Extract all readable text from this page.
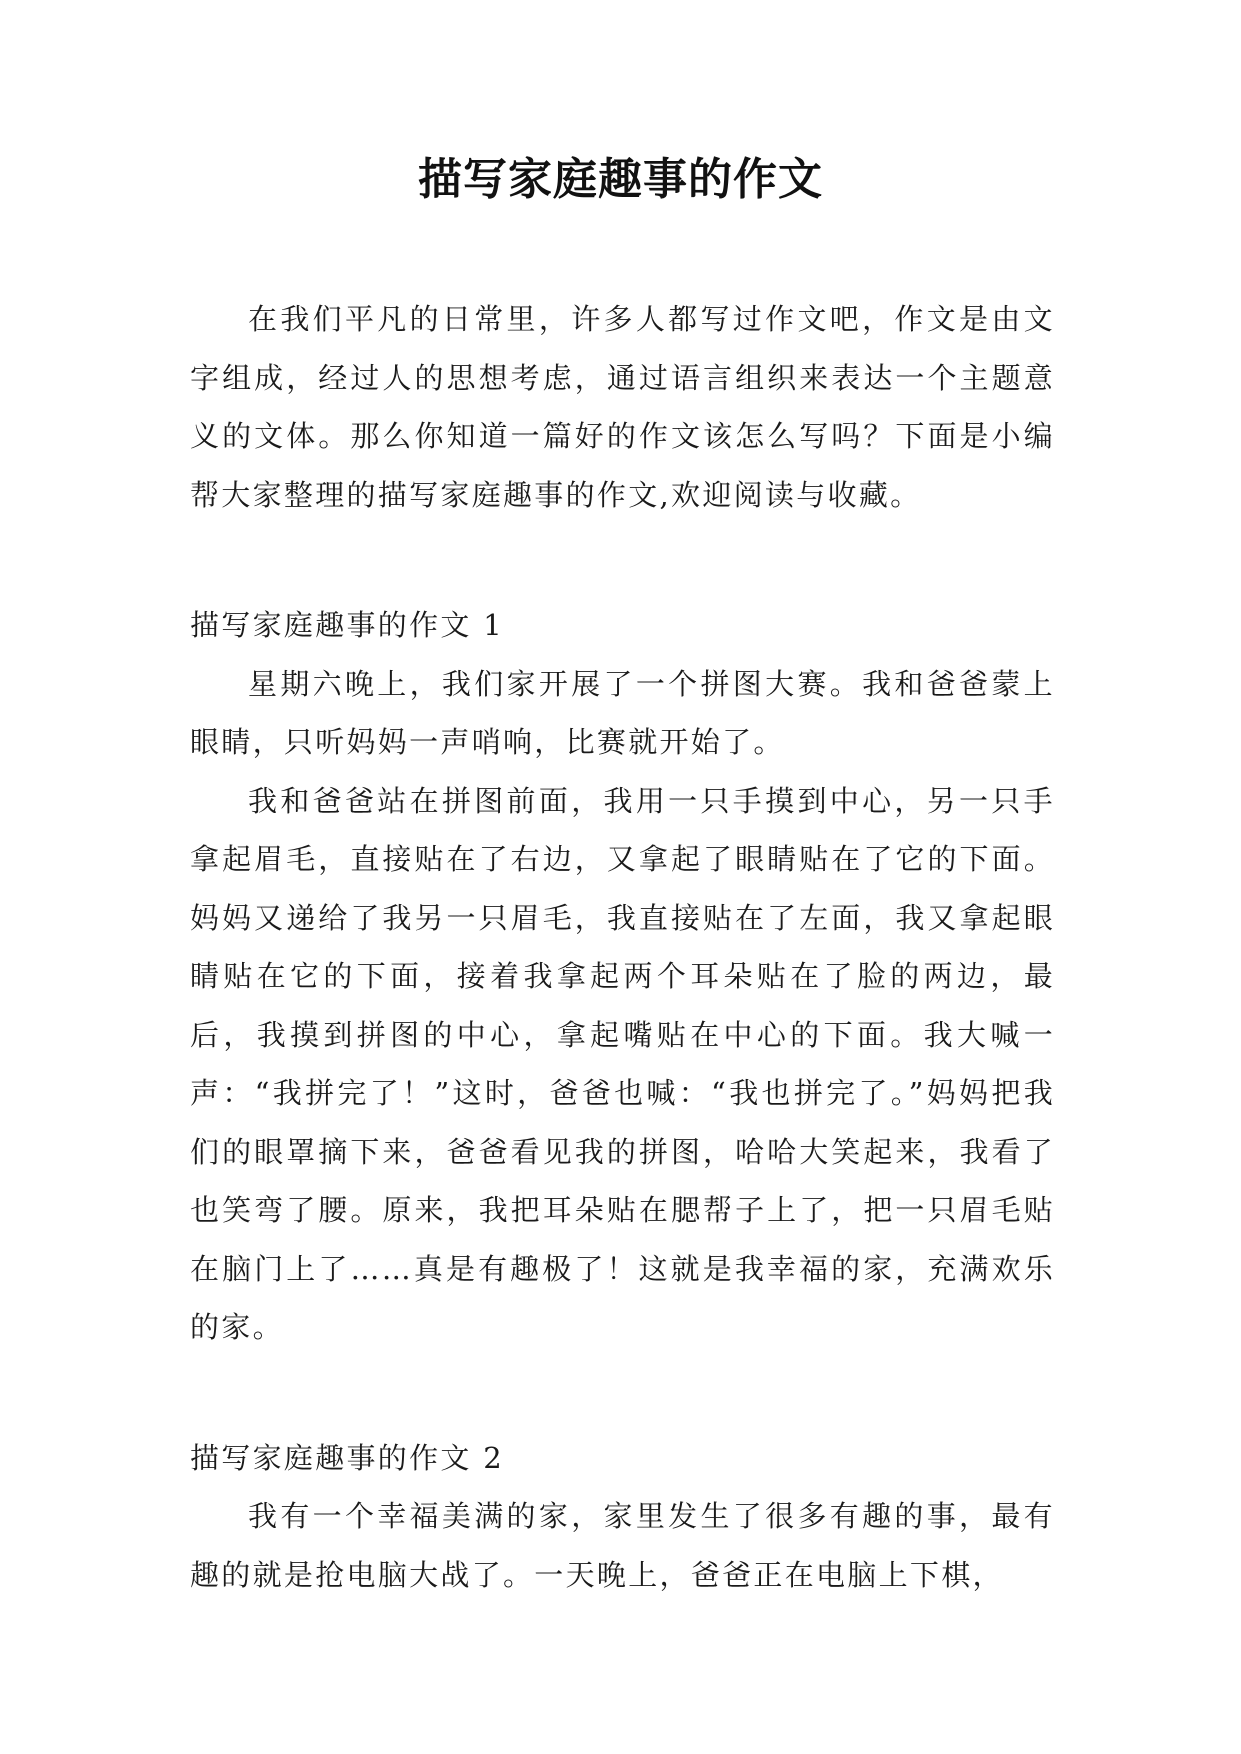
描写家庭趣事的作文

在我们平凡的日常里，许多人都写过作文吧，作文是由文字组成，经过人的思想考虑，通过语言组织来表达一个主题意义的文体。那么你知道一篇好的作文该怎么写吗？下面是小编帮大家整理的描写家庭趣事的作文,欢迎阅读与收藏。

描写家庭趣事的作文 1

星期六晚上，我们家开展了一个拼图大赛。我和爸爸蒙上眼睛，只听妈妈一声哨响，比赛就开始了。

我和爸爸站在拼图前面，我用一只手摸到中心，另一只手拿起眉毛，直接贴在了右边，又拿起了眼睛贴在了它的下面。妈妈又递给了我另一只眉毛，我直接贴在了左面，我又拿起眼睛贴在它的下面，接着我拿起两个耳朵贴在了脸的两边，最后，我摸到拼图的中心，拿起嘴贴在中心的下面。我大喊一声：“我拼完了！”这时，爸爸也喊：“我也拼完了。”妈妈把我们的眼罩摘下来，爸爸看见我的拼图，哈哈大笑起来，我看了也笑弯了腰。原来，我把耳朵贴在腮帮子上了，把一只眉毛贴在脑门上了……真是有趣极了！这就是我幸福的家，充满欢乐的家。

描写家庭趣事的作文 2

我有一个幸福美满的家，家里发生了很多有趣的事，最有趣的就是抢电脑大战了。一天晚上，爸爸正在电脑上下棋，
